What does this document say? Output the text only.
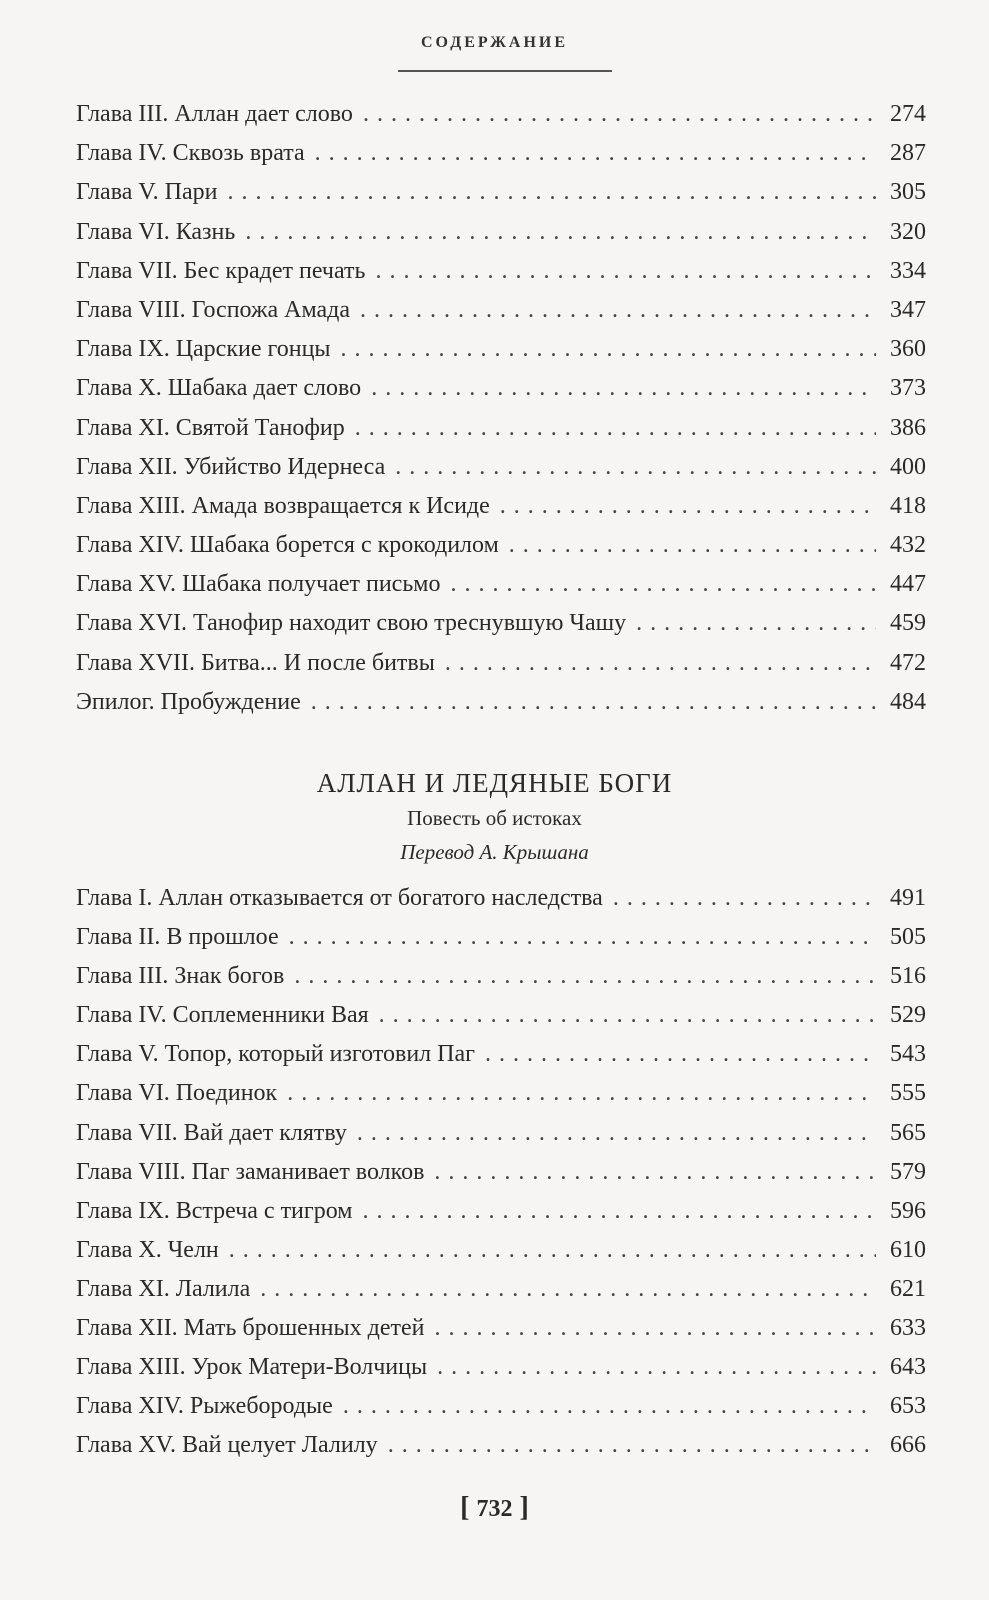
СОДЕРЖАНИЕ
Глава III. Аллан дает слово . . .	274
Глава IV. Сквозь врата . . .	287
Глава V. Пари . . .	305
Глава VI. Казнь . . .	320
Глава VII. Бес крадет печать . . .	334
Глава VIII. Госпожа Амада . . .	347
Глава IX. Царские гонцы . . .	360
Глава X. Шабака дает слово . . .	373
Глава XI. Святой Танофир . . .	386
Глава XII. Убийство Идернеса . . .	400
Глава XIII. Амада возвращается к Исиде . . .	418
Глава XIV. Шабака борется с крокодилом . . .	432
Глава XV. Шабака получает письмо . . .	447
Глава XVI. Танофир находит свою треснувшую Чашу . . .	459
Глава XVII. Битва... И после битвы . . .	472
Эпилог. Пробуждение . . .	484
АЛЛАН И ЛЕДЯНЫЕ БОГИ
Повесть об истоках
Перевод А. Крышана
Глава I. Аллан отказывается от богатого наследства . . .	491
Глава II. В прошлое . . .	505
Глава III. Знак богов . . .	516
Глава IV. Соплеменники Вая . . .	529
Глава V. Топор, который изготовил Паг . . .	543
Глава VI. Поединок . . .	555
Глава VII. Вай дает клятву . . .	565
Глава VIII. Паг заманивает волков . . .	579
Глава IX. Встреча с тигром . . .	596
Глава X. Челн . . .	610
Глава XI. Лалила . . .	621
Глава XII. Мать брошенных детей . . .	633
Глава XIII. Урок Матери-Волчицы . . .	643
Глава XIV. Рыжебородые . . .	653
Глава XV. Вай целует Лалилу . . .	666
[ 732 ]
